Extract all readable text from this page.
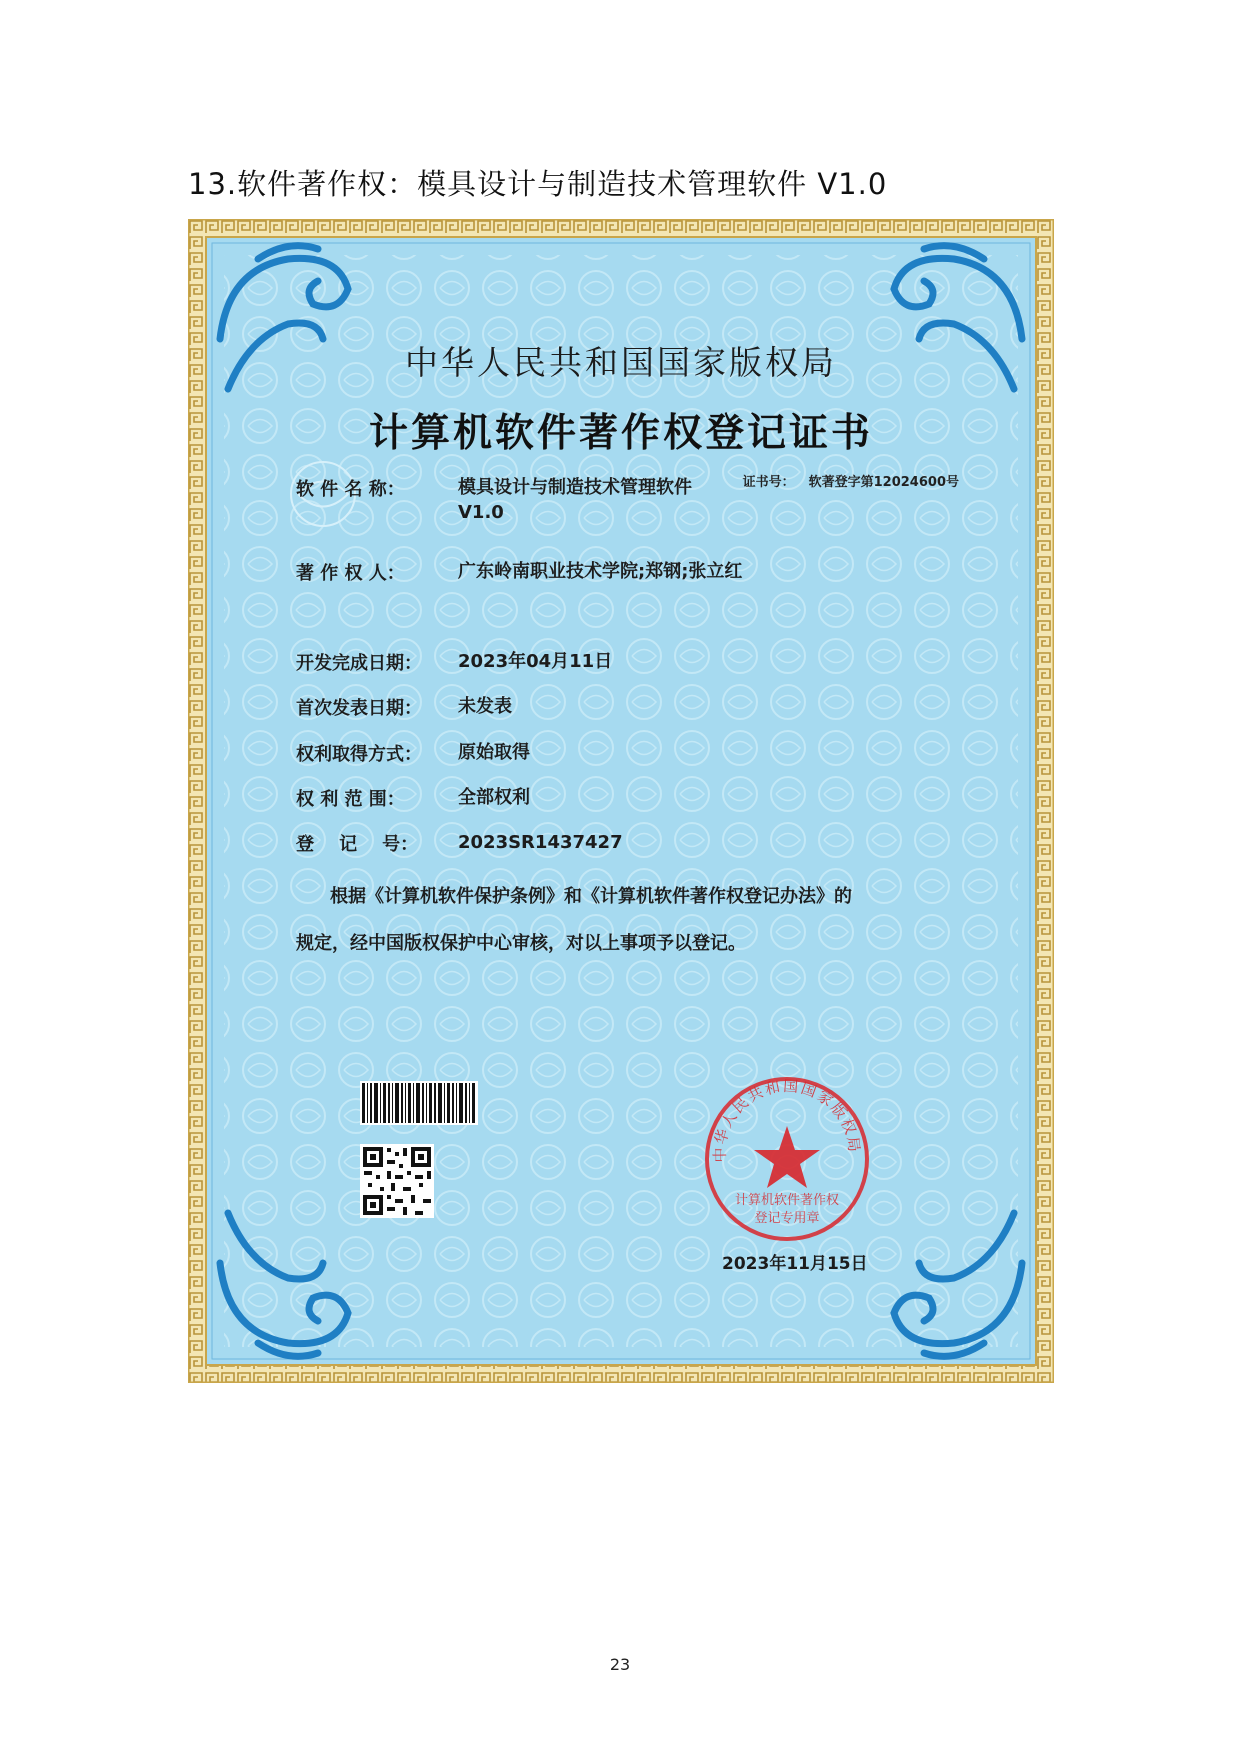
13.软件著作权：模具设计与制造技术管理软件 V1.0
中华人民共和国国家版权局
计算机软件著作权登记证书
证书号： 软著登字第12024600号
软 件 名 称：	模具设计与制造技术管理软件
V1.0
著 作 权 人：	广东岭南职业技术学院;郑钢;张立红
开发完成日期： 2023年04月11日
首次发表日期： 未发表
权利取得方式： 原始取得
权 利 范 围：	全部权利
登    记    号： 2023SR1437427
根据《计算机软件保护条例》和《计算机软件著作权登记办法》的
规定，经中国版权保护中心审核，对以上事项予以登记。
中华人民共和国国家版权局
计算机软件著作权
登记专用章
2023年11月15日
23
